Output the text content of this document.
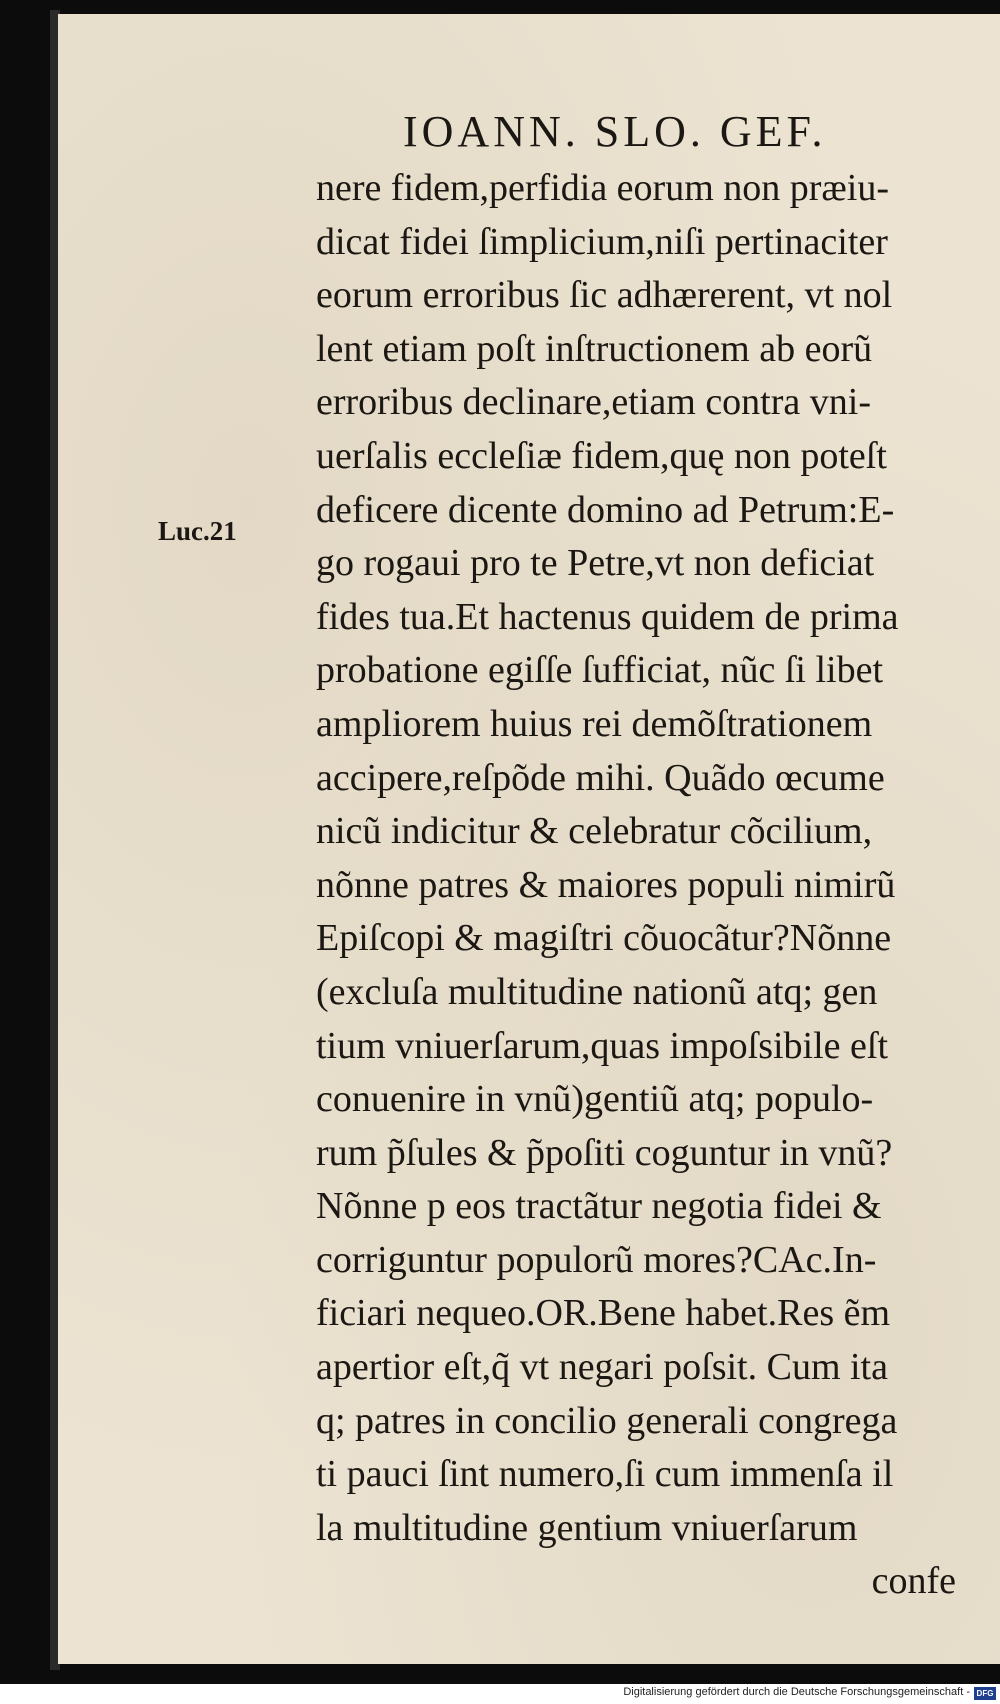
IOANN. SLO. GEF.
Luc.21
nere fidem,perfidia eorum non præiu-
dicat fidei ſimplicium,niſi pertinaciter
eorum erroribus ſic adhærerent, vt nol
lent etiam poſt inſtructionem ab eorũ
erroribus declinare,etiam contra vni-
uerſalis eccleſiæ fidem,quę non poteſt
deficere dicente domino ad Petrum:E-
go rogaui pro te Petre,vt non deficiat
fides tua.Et hactenus quidem de prima
probatione egiſſe ſufficiat, nũc ſi libet
ampliorem huius rei demõſtrationem
accipere,reſpõde mihi. Quãdo œcume
nicũ indicitur & celebratur cõcilium,
nõnne patres & maiores populi nimirũ
Epiſcopi & magiſtri cõuocãtur?Nõnne
(excluſa multitudine nationũ atq; gen
tium vniuerſarum,quas impoſsibile eſt
conuenire in vnũ)gentiũ atq; populo-
rum p̃ſules & p̃poſiti coguntur in vnũ?
Nõnne p eos tractãtur negotia fidei &
corriguntur populorũ mores?CAc.In-
ficiari nequeo.OR.Bene habet.Res ẽm
apertior eſt,q̃ vt negari poſsit. Cum ita
q; patres in concilio generali congrega
ti pauci ſint numero,ſi cum immenſa il
la multitudine gentium vniuerſarum
confe
Digitalisierung gefördert durch die Deutsche Forschungsgemeinschaft - DFG
